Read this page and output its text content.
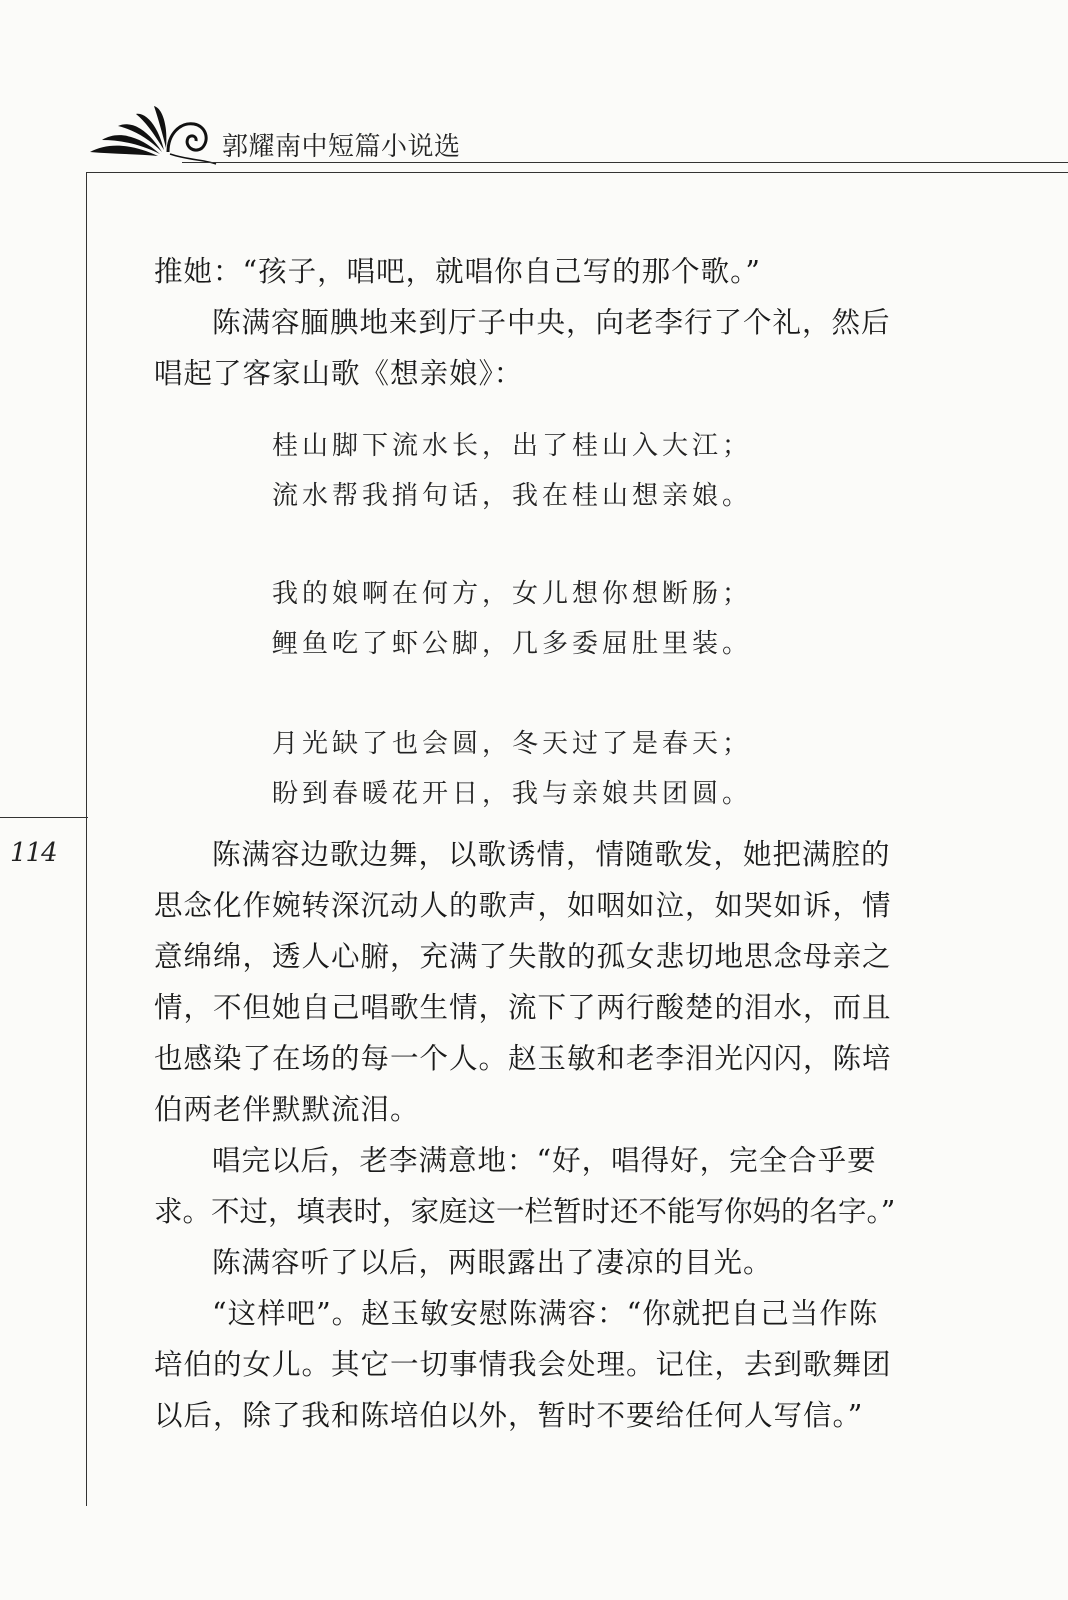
郭耀南中短篇小说选
114

推她：“孩子，唱吧，就唱你自己写的那个歌。”

陈满容腼腆地来到厅子中央，向老李行了个礼，然后

唱起了客家山歌《想亲娘》：

桂山脚下流水长，出了桂山入大江；
流水帮我捎句话，我在桂山想亲娘。
我的娘啊在何方，女儿想你想断肠；
鲤鱼吃了虾公脚，几多委屈肚里装。
月光缺了也会圆，冬天过了是春天；
盼到春暖花开日，我与亲娘共团圆。

陈满容边歌边舞，以歌诱情，情随歌发，她把满腔的

思念化作婉转深沉动人的歌声，如咽如泣，如哭如诉，情

意绵绵，透人心腑，充满了失散的孤女悲切地思念母亲之

情，不但她自己唱歌生情，流下了两行酸楚的泪水，而且

也感染了在场的每一个人。赵玉敏和老李泪光闪闪，陈培

伯两老伴默默流泪。

唱完以后，老李满意地：“好，唱得好，完全合乎要

求。不过，填表时，家庭这一栏暂时还不能写你妈的名字。”

陈满容听了以后，两眼露出了凄凉的目光。

“这样吧”。赵玉敏安慰陈满容：“你就把自己当作陈

培伯的女儿。其它一切事情我会处理。记住，去到歌舞团

以后，除了我和陈培伯以外，暂时不要给任何人写信。”
